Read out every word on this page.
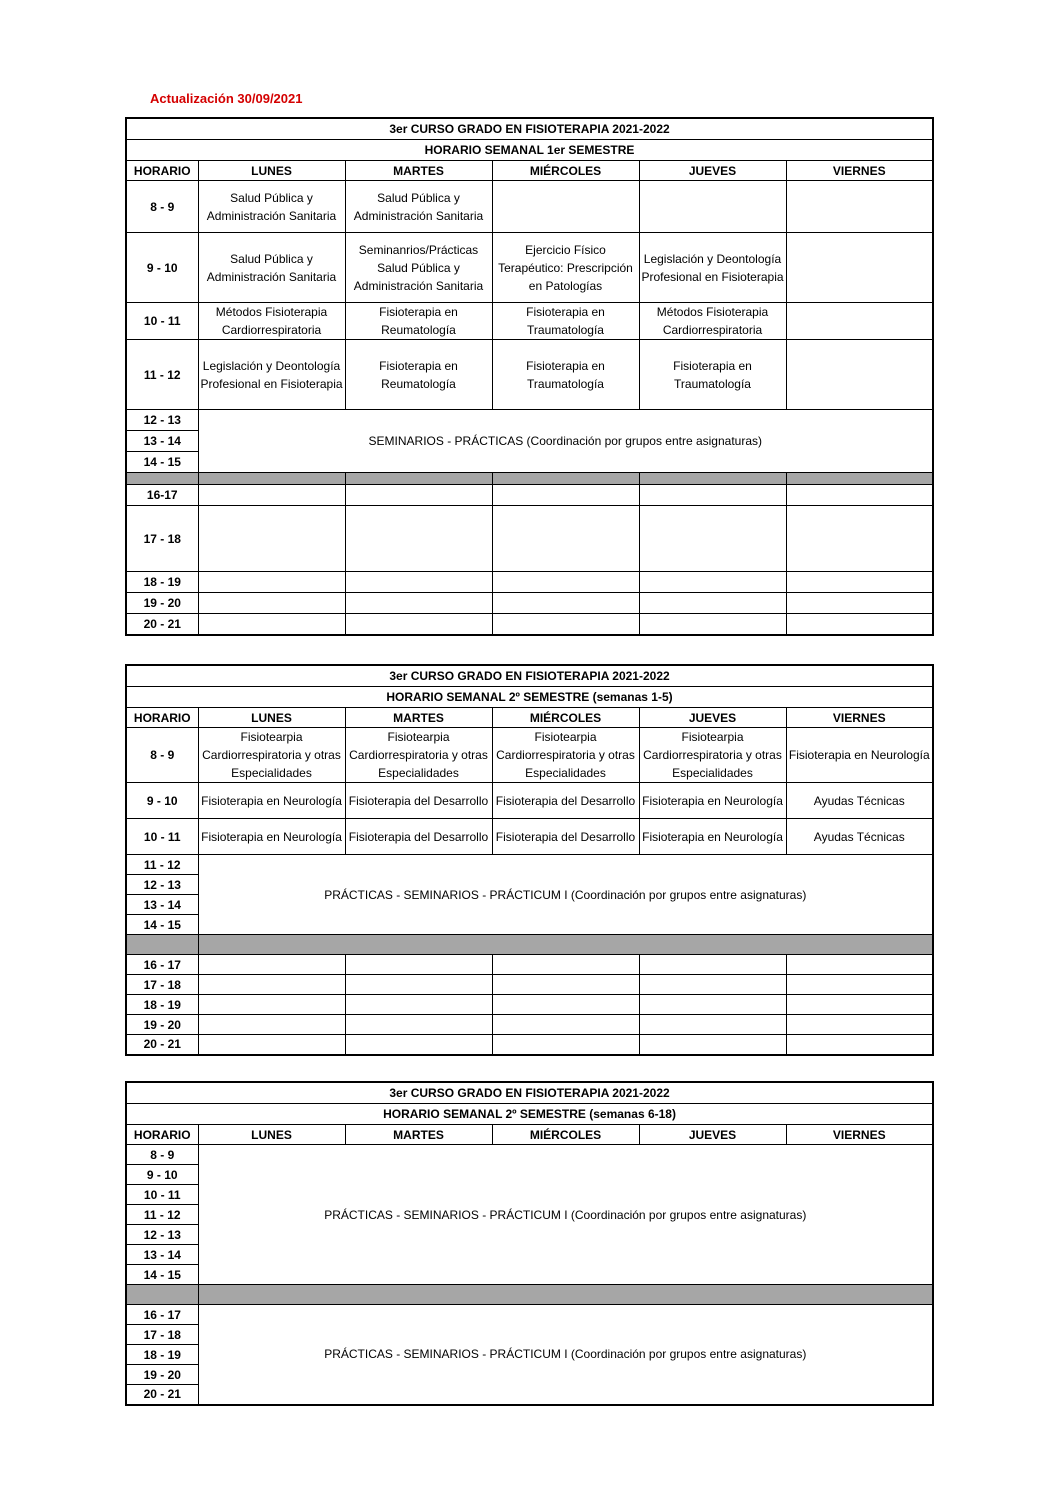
Actualización 30/09/2021
3er CURSO GRADO EN FISIOTERAPIA 2021-2022					
HORARIO SEMANAL 1er SEMESTRE					
HORARIO	LUNES	MARTES	MIÉRCOLES	JUEVES	VIERNES
8 - 9	Salud Pública y Administración Sanitaria	Salud Pública y Administración Sanitaria			
9 - 10	Salud Pública y Administración Sanitaria	Seminanrios/Prácticas Salud Pública y Administración Sanitaria	Ejercicio Físico Terapéutico: Prescripción en Patologías	Legislación y Deontología Profesional en Fisioterapia	
10 - 11	Métodos Fisioterapia Cardiorrespiratoria	Fisioterapia en Reumatología	Fisioterapia en Traumatología	Métodos Fisioterapia Cardiorrespiratoria	
11 - 12	Legislación y Deontología Profesional en Fisioterapia	Fisioterapia en Reumatología	Fisioterapia en Traumatología	Fisioterapia en Traumatología	
12 - 13	SEMINARIOS - PRÁCTICAS (Coordinación por grupos entre asignaturas)				
13 - 14					
14 - 15					

16-17					
17 - 18					
18 - 19					
19 - 20					
20 - 21					
3er CURSO GRADO EN FISIOTERAPIA 2021-2022					
HORARIO SEMANAL 2º SEMESTRE (semanas 1-5)					
HORARIO	LUNES	MARTES	MIÉRCOLES	JUEVES	VIERNES
8 - 9	Fisiotearpia Cardiorrespiratoria y otras Especialidades	Fisiotearpia Cardiorrespiratoria y otras Especialidades	Fisiotearpia Cardiorrespiratoria y otras Especialidades	Fisiotearpia Cardiorrespiratoria y otras Especialidades	Fisioterapia en Neurología
9 - 10	Fisioterapia en Neurología	Fisioterapia del Desarrollo	Fisioterapia del Desarrollo	Fisioterapia en Neurología	Ayudas Técnicas
10 - 11	Fisioterapia en Neurología	Fisioterapia del Desarrollo	Fisioterapia del Desarrollo	Fisioterapia en Neurología	Ayudas Técnicas
11 - 12	PRÁCTICAS - SEMINARIOS - PRÁCTICUM I (Coordinación por grupos entre asignaturas)				
12 - 13					
13 - 14					
14 - 15					

16 - 17					
17 - 18					
18 - 19					
19 - 20					
20 - 21					
3er CURSO GRADO EN FISIOTERAPIA 2021-2022					
HORARIO SEMANAL 2º SEMESTRE (semanas 6-18)					
HORARIO	LUNES	MARTES	MIÉRCOLES	JUEVES	VIERNES
8 - 9	PRÁCTICAS - SEMINARIOS - PRÁCTICUM I (Coordinación por grupos entre asignaturas)				
9 - 10					
10 - 11					
11 - 12					
12 - 13					
13 - 14					
14 - 15					

16 - 17	PRÁCTICAS - SEMINARIOS - PRÁCTICUM I (Coordinación por grupos entre asignaturas)				
17 - 18					
18 - 19					
19 - 20					
20 - 21					
